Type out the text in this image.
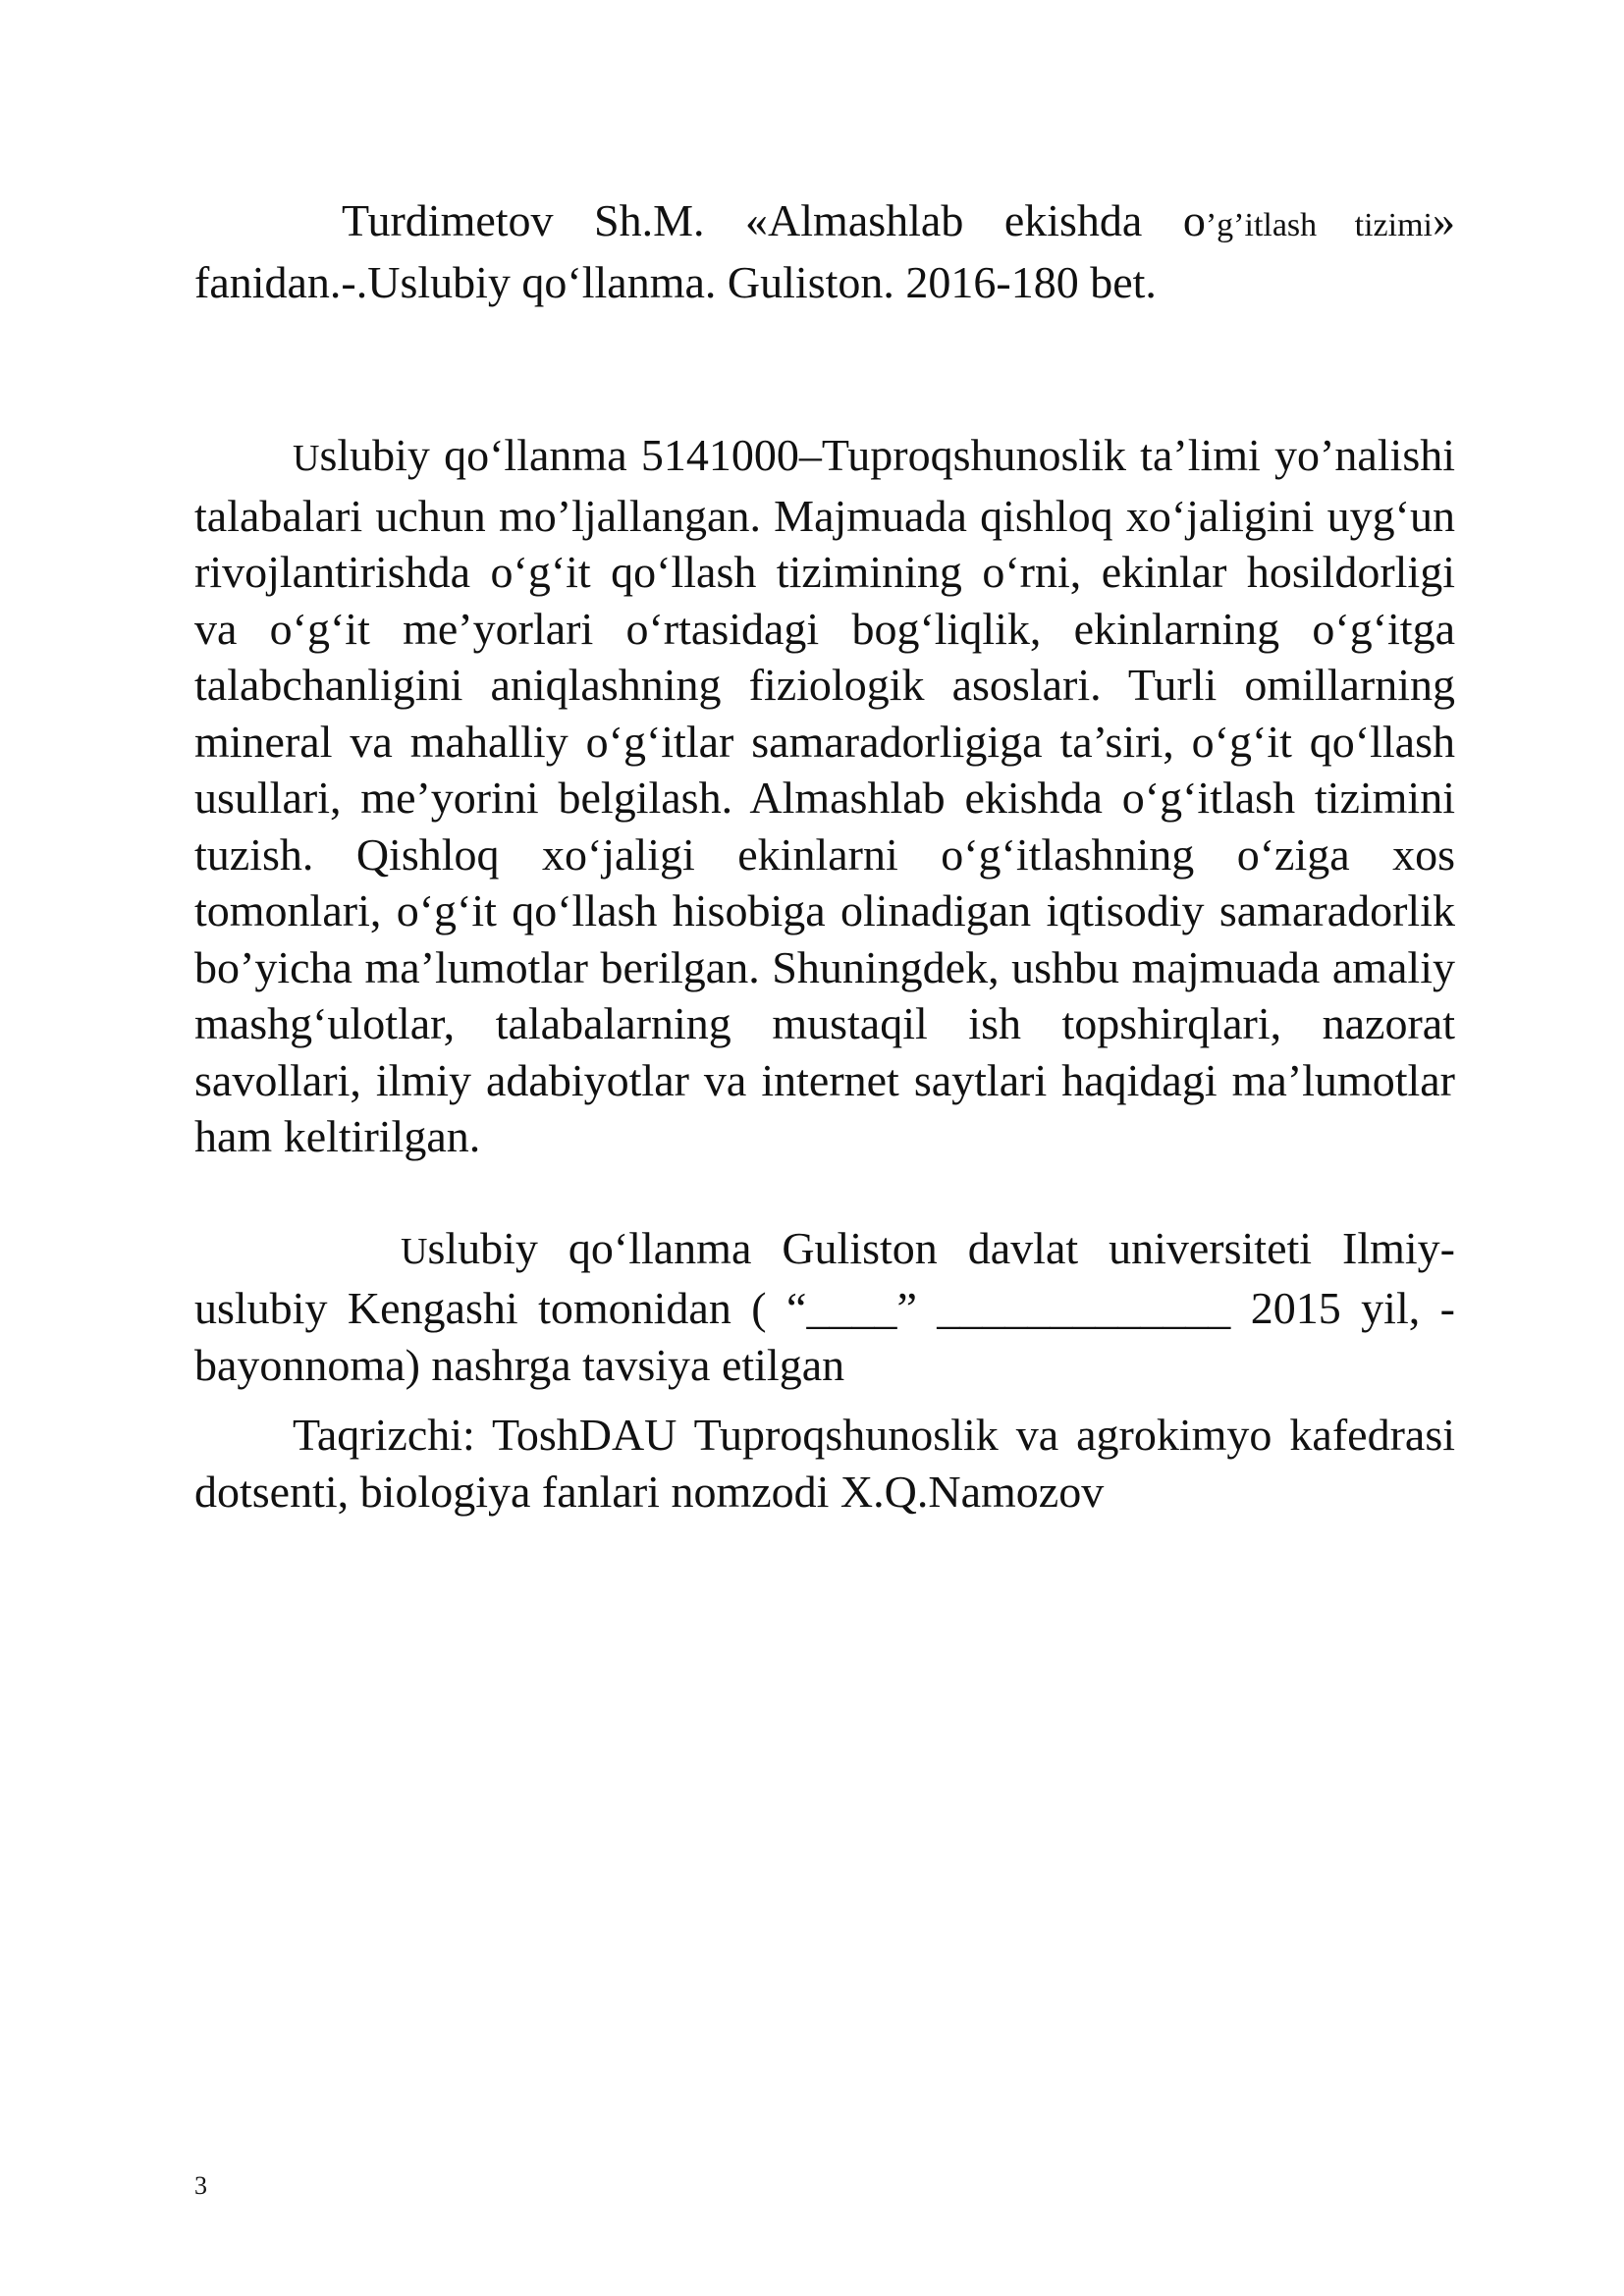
Turdimetov Sh.M. «Almashlab ekishda o’g’itlash tizimi» fanidan.-.Uslubiy qo‘llanma. Guliston. 2016-180 bet.

Uslubiy qo‘llanma 5141000–Tuproqshunoslik ta’limi yo’nalishi talabalari uchun mo’ljallangan. Majmuada qishloq xo‘jaligini uyg‘un rivojlantirishda o‘g‘it qo‘llash tizimining o‘rni, ekinlar hosildorligi va o‘g‘it me’yorlari o‘rtasidagi bog‘liqlik, ekinlarning o‘g‘itga talabchanligini aniqlashning fiziologik asoslari. Turli omillarning mineral va mahalliy o‘g‘itlar samaradorligiga ta’siri, o‘g‘it qo‘llash usullari, me’yorini belgilash. Almashlab ekishda o‘g‘itlash tizimini tuzish. Qishloq xo‘jaligi ekinlarni o‘g‘itlashning o‘ziga xos tomonlari, o‘g‘it qo‘llash hisobiga olinadigan iqtisodiy samaradorlik bo’yicha ma’lumotlar berilgan. Shuningdek, ushbu majmuada amaliy mashg‘ulotlar, talabalarning mustaqil ish topshirqlari, nazorat savollari, ilmiy adabiyotlar va internet saytlari haqidagi ma’lumotlar ham keltirilgan.

Uslubiy qo‘llanma Guliston davlat universiteti Ilmiy-uslubiy Kengashi tomonidan ( “____” _____________ 2015 yil, -bayonnoma) nashrga tavsiya etilgan

Taqrizchi: ToshDAU Tuproqshunoslik va agrokimyo kafedrasi dotsenti, biologiya fanlari nomzodi X.Q.Namozov

3
